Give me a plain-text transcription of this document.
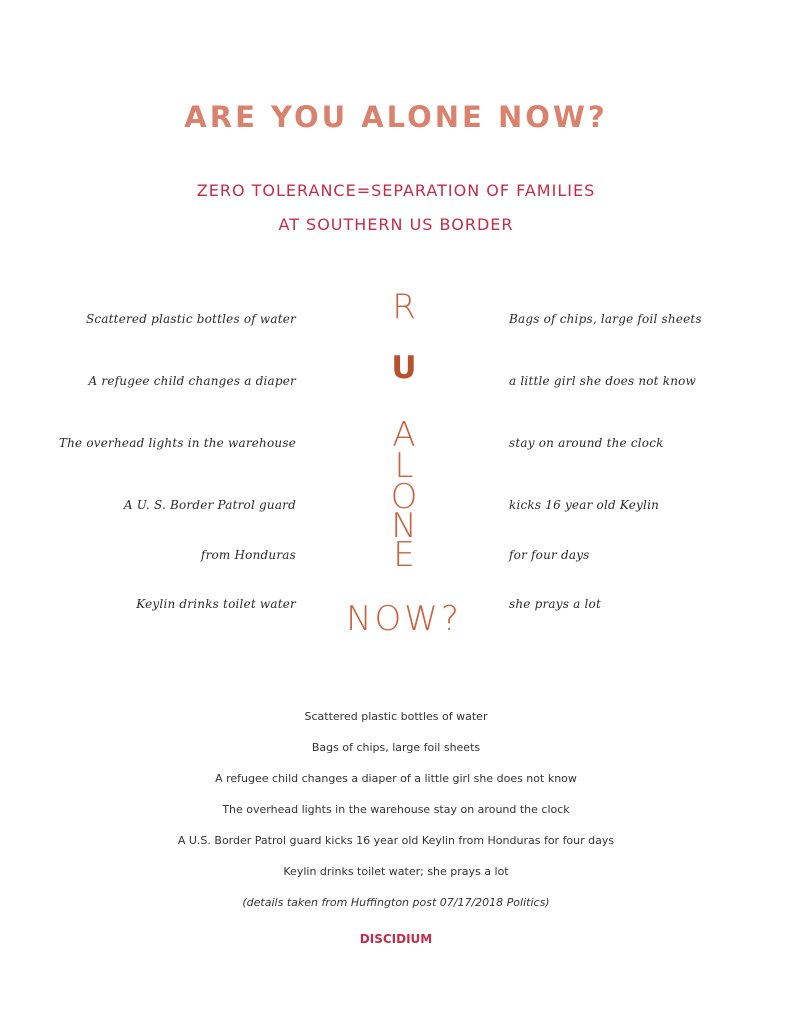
ARE YOU ALONE NOW?

ZERO TOLERANCE=SEPARATION OF FAMILIES

AT SOUTHERN US BORDER

Scattered plastic bottles of water
A refugee child changes a diaper
The overhead lights in the warehouse
A U. S. Border Patrol guard
from Honduras
Keylin drinks toilet water
Bags of chips, large foil sheets
a little girl she does not know
stay on around the clock
kicks 16 year old Keylin
for four days
she prays a lot
R
U
A
L
O
N
E
NOW?

Scattered plastic bottles of water

Bags of chips, large foil sheets

A refugee child changes a diaper of a little girl she does not know

The overhead lights in the warehouse stay on around the clock

A U.S. Border Patrol guard kicks 16 year old Keylin from Honduras for four days

Keylin drinks toilet water; she prays a lot

(details taken from Huffington post 07/17/2018 Politics)

DISCIDIUM
